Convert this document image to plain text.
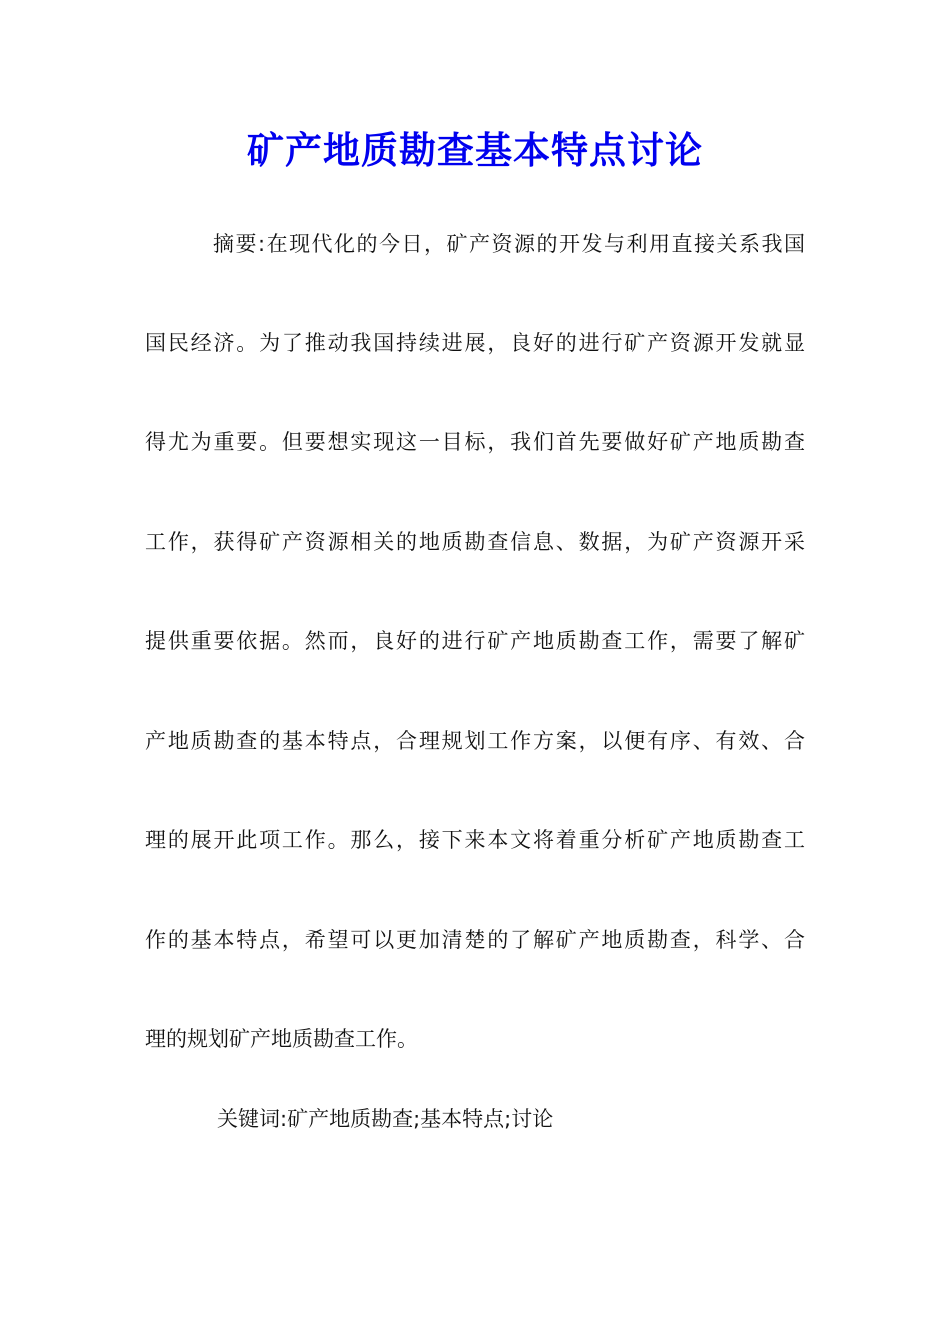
矿产地质勘查基本特点讨论
摘要:在现代化的今日，矿产资源的开发与利用直接关系我国
国民经济。为了推动我国持续进展，良好的进行矿产资源开发就显
得尤为重要。但要想实现这一目标，我们首先要做好矿产地质勘查
工作，获得矿产资源相关的地质勘查信息、数据，为矿产资源开采
提供重要依据。然而，良好的进行矿产地质勘查工作，需要了解矿
产地质勘查的基本特点，合理规划工作方案，以便有序、有效、合
理的展开此项工作。那么，接下来本文将着重分析矿产地质勘查工
作的基本特点，希望可以更加清楚的了解矿产地质勘查，科学、合
理的规划矿产地质勘查工作。
关键词:矿产地质勘查;基本特点;讨论
